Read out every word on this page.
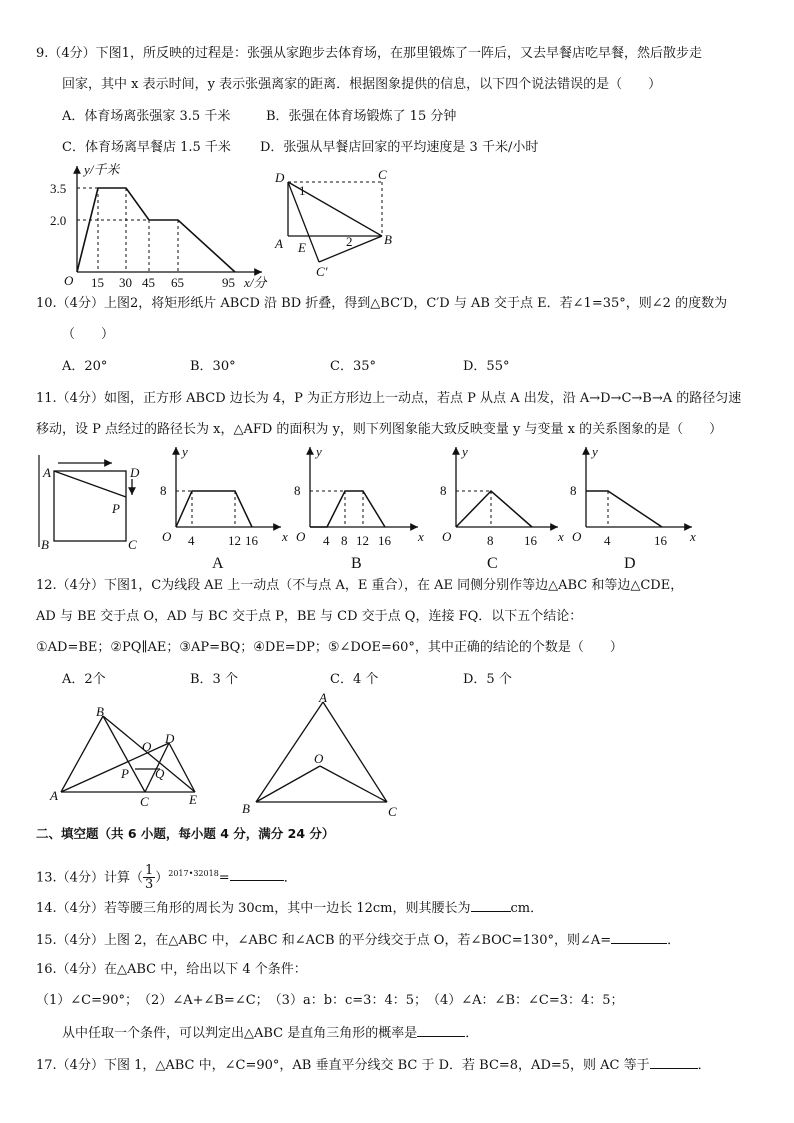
9.（4分）下图1，所反映的过程是：张强从家跑步去体育场，在那里锻炼了一阵后，又去早餐店吃早餐，然后散步走
回家，其中 x 表示时间，y 表示张强离家的距离．根据图象提供的信息，以下四个说法错误的是（　　）
A．体育场离张强家 3.5 千米	B．张强在体育场锻炼了 15 分钟
C．体育场离早餐店 1.5 千米 D．张强从早餐店回家的平均速度是 3 千米/小时
y/千米
x/分
O
3.5
2.0
15 30 45 65	95
D	C
A E
B
C′
1
2
10.（4分）上图2，将矩形纸片 ABCD 沿 BD 折叠，得到△BC′D，C′D 与 AB 交于点 E．若∠1=35°，则∠2 的度数为
（　　）
A．20°	B．30°	C．35°	D．55°
11.（4分）如图，正方形 ABCD 边长为 4，P 为正方形边上一动点，若点 P 从点 A 出发，沿 A→D→C→B→A 的路径匀速
移动，设 P 点经过的路径长为 x，△AFD 的面积为 y，则下列图象能大致反映变量 y 与变量 x 的关系图象的是（　　）
A	D
P
B	C
y
x
O
8
4	12 16
A
y
x
O
8
4 8 12 16
B
y
x
O
8
8 16
C
y
x
O
8
4	16
D
12.（4分）下图1，C为线段 AE 上一动点（不与点 A，E 重合），在 AE 同侧分别作等边△ABC 和等边△CDE，
AD 与 BE 交于点 O，AD 与 BC 交于点 P，BE 与 CD 交于点 Q，连接 FQ．以下五个结论：
①AD=BE；②PQ∥AE；③AP=BQ；④DE=DP；⑤∠DOE=60°，其中正确的结论的个数是（　　）
A．2个	B．3 个	C．4 个	D．5 个
B
O
D
P Q
A	C	E
A
O
B	C
二、填空题（共 6 小题，每小题 4 分，满分 24 分）
13.（4分）计算（ $\frac{1}{3} )^{2017•32018}=$	．
14.（4分）若等腰三角形的周长为 30cm，其中一边长 12cm，则其腰长为	cm．
15.（4分）上图 2，在△ABC 中，∠ABC 和∠ACB 的平分线交于点 O，若∠BOC=130°，则∠A=	．
16.（4分）在△ABC 中，给出以下 4 个条件：
（1）∠C=90°；　（2）∠A+∠B=∠C；　（3）a：b：c=3：4：5；　（4）∠A：∠B：∠C=3：4：5；
从中任取一个条件，可以判定出△ABC 是直角三角形的概率是	．
17.（4分）下图 1，△ABC 中，∠C=90°，AB 垂直平分线交 BC 于 D．若 BC=8，AD=5，则 AC 等于	．
